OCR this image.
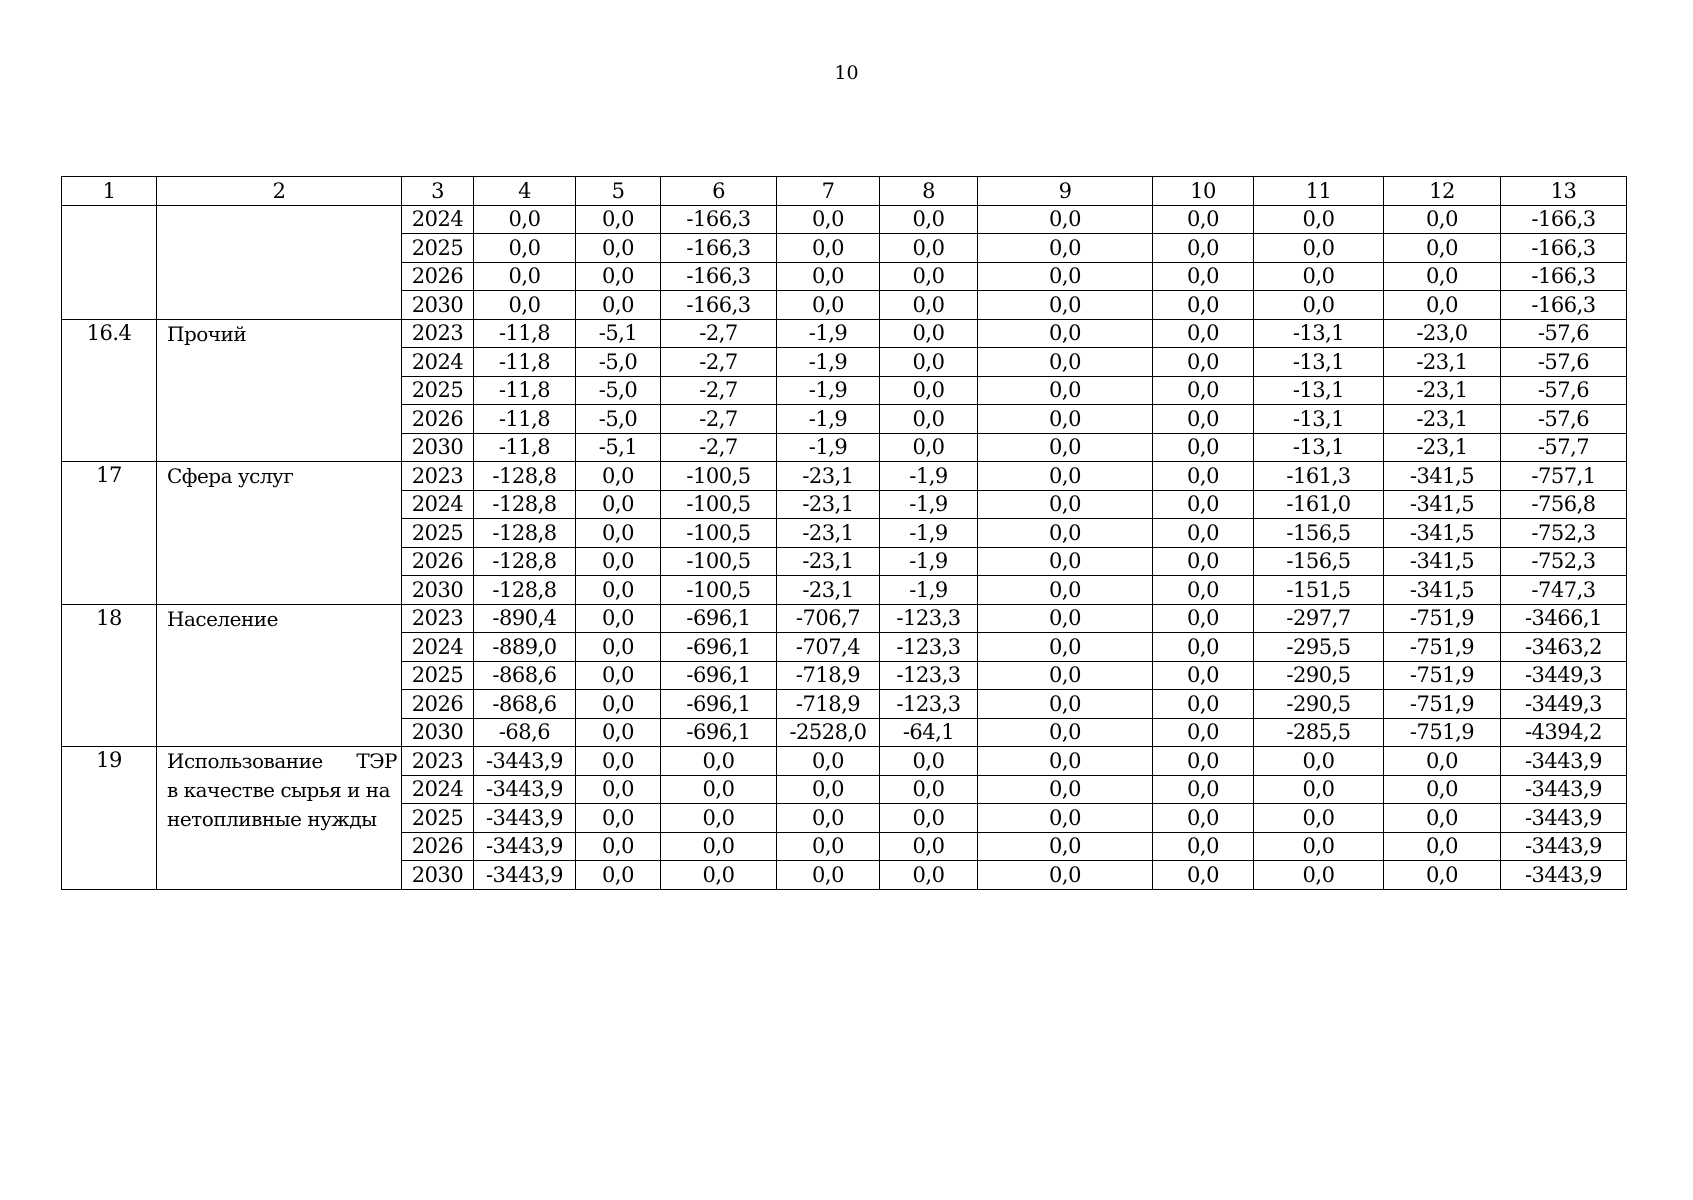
10
1	2	3	4	5	6	7	8	9	10	11	12	13
		2024	0,0	0,0	-166,3	0,0	0,0	0,0	0,0	0,0	0,0	-166,3
		2025	0,0	0,0	-166,3	0,0	0,0	0,0	0,0	0,0	0,0	-166,3
		2026	0,0	0,0	-166,3	0,0	0,0	0,0	0,0	0,0	0,0	-166,3
		2030	0,0	0,0	-166,3	0,0	0,0	0,0	0,0	0,0	0,0	-166,3
16.4	Прочий	2023	-11,8	-5,1	-2,7	-1,9	0,0	0,0	0,0	-13,1	-23,0	-57,6
		2024	-11,8	-5,0	-2,7	-1,9	0,0	0,0	0,0	-13,1	-23,1	-57,6
		2025	-11,8	-5,0	-2,7	-1,9	0,0	0,0	0,0	-13,1	-23,1	-57,6
		2026	-11,8	-5,0	-2,7	-1,9	0,0	0,0	0,0	-13,1	-23,1	-57,6
		2030	-11,8	-5,1	-2,7	-1,9	0,0	0,0	0,0	-13,1	-23,1	-57,7
17	Сфера услуг	2023	-128,8	0,0	-100,5	-23,1	-1,9	0,0	0,0	-161,3	-341,5	-757,1
		2024	-128,8	0,0	-100,5	-23,1	-1,9	0,0	0,0	-161,0	-341,5	-756,8
		2025	-128,8	0,0	-100,5	-23,1	-1,9	0,0	0,0	-156,5	-341,5	-752,3
		2026	-128,8	0,0	-100,5	-23,1	-1,9	0,0	0,0	-156,5	-341,5	-752,3
		2030	-128,8	0,0	-100,5	-23,1	-1,9	0,0	0,0	-151,5	-341,5	-747,3
18	Население	2023	-890,4	0,0	-696,1	-706,7	-123,3	0,0	0,0	-297,7	-751,9	-3466,1
		2024	-889,0	0,0	-696,1	-707,4	-123,3	0,0	0,0	-295,5	-751,9	-3463,2
		2025	-868,6	0,0	-696,1	-718,9	-123,3	0,0	0,0	-290,5	-751,9	-3449,3
		2026	-868,6	0,0	-696,1	-718,9	-123,3	0,0	0,0	-290,5	-751,9	-3449,3
		2030	-68,6	0,0	-696,1	-2528,0	-64,1	0,0	0,0	-285,5	-751,9	-4394,2
19	Использование ТЭР
в качестве сырья и на нетопливные нужды	2023	-3443,9	0,0	0,0	0,0	0,0	0,0	0,0	0,0	0,0	-3443,9
		2024	-3443,9	0,0	0,0	0,0	0,0	0,0	0,0	0,0	0,0	-3443,9
		2025	-3443,9	0,0	0,0	0,0	0,0	0,0	0,0	0,0	0,0	-3443,9
		2026	-3443,9	0,0	0,0	0,0	0,0	0,0	0,0	0,0	0,0	-3443,9
		2030	-3443,9	0,0	0,0	0,0	0,0	0,0	0,0	0,0	0,0	-3443,9
